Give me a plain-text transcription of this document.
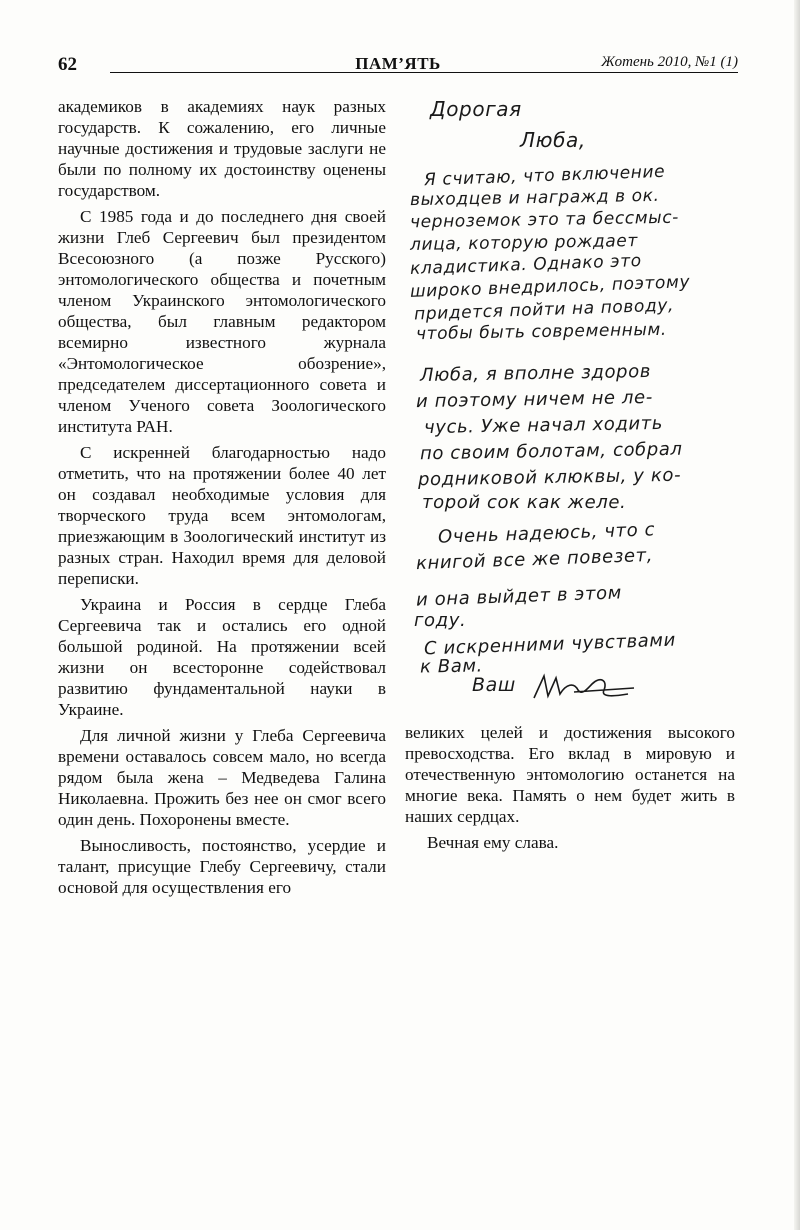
62	ПАМ’ЯТЬ	Жотень 2010, №1 (1)

академиков в академиях наук разных государств. К сожалению, его личные научные достижения и трудовые заслуги не были по полному их достоинству оценены государством.

С 1985 года и до последнего дня своей жизни Глеб Сергеевич был президентом Всесоюзного (а позже Русского) энтомологического общества и почетным членом Украинского энтомологического общества, был главным редактором всемирно известного журнала «Энтомологическое обозрение», председателем диссертационного совета и членом Ученого совета Зоологического института РАН.

С искренней благодарностью надо отметить, что на протяжении более 40 лет он создавал необходимые условия для творческого труда всем энтомологам, приезжающим в Зоологический институт из разных стран. Находил время для деловой переписки.

Украина и Россия в сердце Глеба Сергеевича так и остались его одной большой родиной. На протяжении всей жизни он всесторонне содействовал развитию фундаментальной науки в Украине.

Для личной жизни у Глеба Сергеевича времени оставалось совсем мало, но всегда рядом была жена – Медведева Галина Николаевна. Прожить без нее он смог всего один день. Похоронены вместе.

Выносливость, постоянство, усердие и талант, присущие Глебу Сергеевичу, стали основой для осуществления его

Дорогая
Люба,
Я считаю, что включение
выходцев и награжд в ок.
черноземок это та бессмыс-
лица, которую рождает
кладистика. Однако это
широко внедрилось, поэтому
придется пойти на поводу,
чтобы быть современным.
Люба, я вполне здоров
и поэтому ничем не ле-
чусь. Уже начал ходить
по своим болотам, собрал
родниковой клюквы, у ко-
торой сок как желе.
Очень надеюсь, что с
книгой все же повезет,
и она выйдет в этом
году.
С искренними чувствами
к Вам.
Ваш

великих целей и достижения высокого превосходства. Его вклад в мировую и отечественную энтомологию останется на многие века. Память о нем будет жить в наших сердцах.

Вечная ему слава.
